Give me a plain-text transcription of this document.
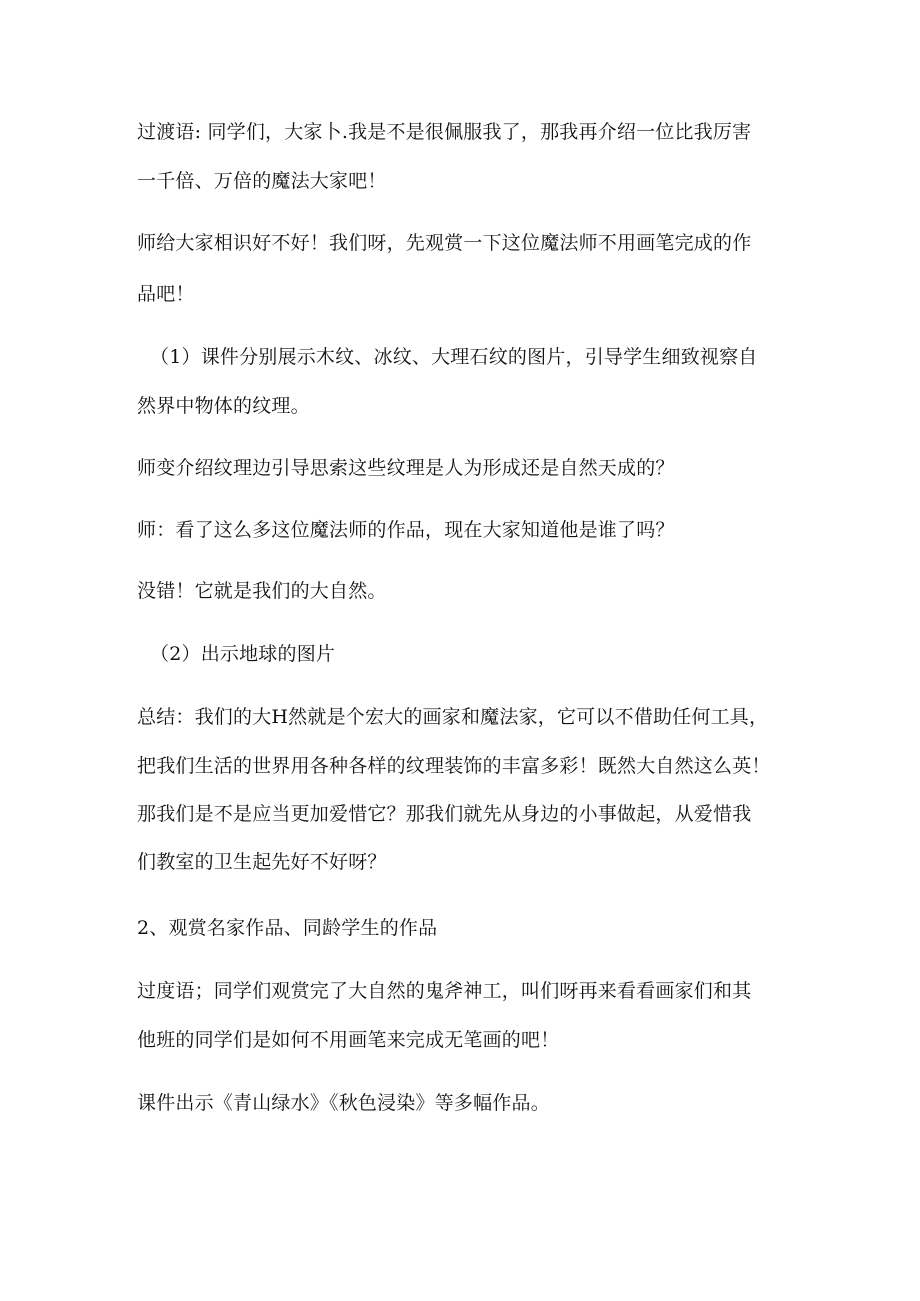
过渡语: 同学们，大家卜.我是不是很佩服我了，那我再介绍一位比我厉害
一千倍、万倍的魔法大家吧！
师给大家相识好不好！我们呀，先观赏一下这位魔法师不用画笔完成的作
品吧！
（1）课件分别展示木纹、冰纹、大理石纹的图片，引导学生细致视察自
然界中物体的纹理。
师变介绍纹理边引导思索这些纹理是人为形成还是自然天成的？
师：看了这么多这位魔法师的作品，现在大家知道他是谁了吗？
没错！它就是我们的大自然。
（2）出示地球的图片
总结：我们的大H然就是个宏大的画家和魔法家，它可以不借助任何工具，
把我们生活的世界用各种各样的纹理装饰的丰富多彩！既然大自然这么英！
那我们是不是应当更加爱惜它？那我们就先从身边的小事做起，从爱惜我
们教室的卫生起先好不好呀？
2、观赏名家作品、同龄学生的作品
过度语；同学们观赏完了大自然的鬼斧神工，叫们呀再来看看画家们和其
他班的同学们是如何不用画笔来完成无笔画的吧！
课件出示《青山绿水》《秋色浸染》等多幅作品。
